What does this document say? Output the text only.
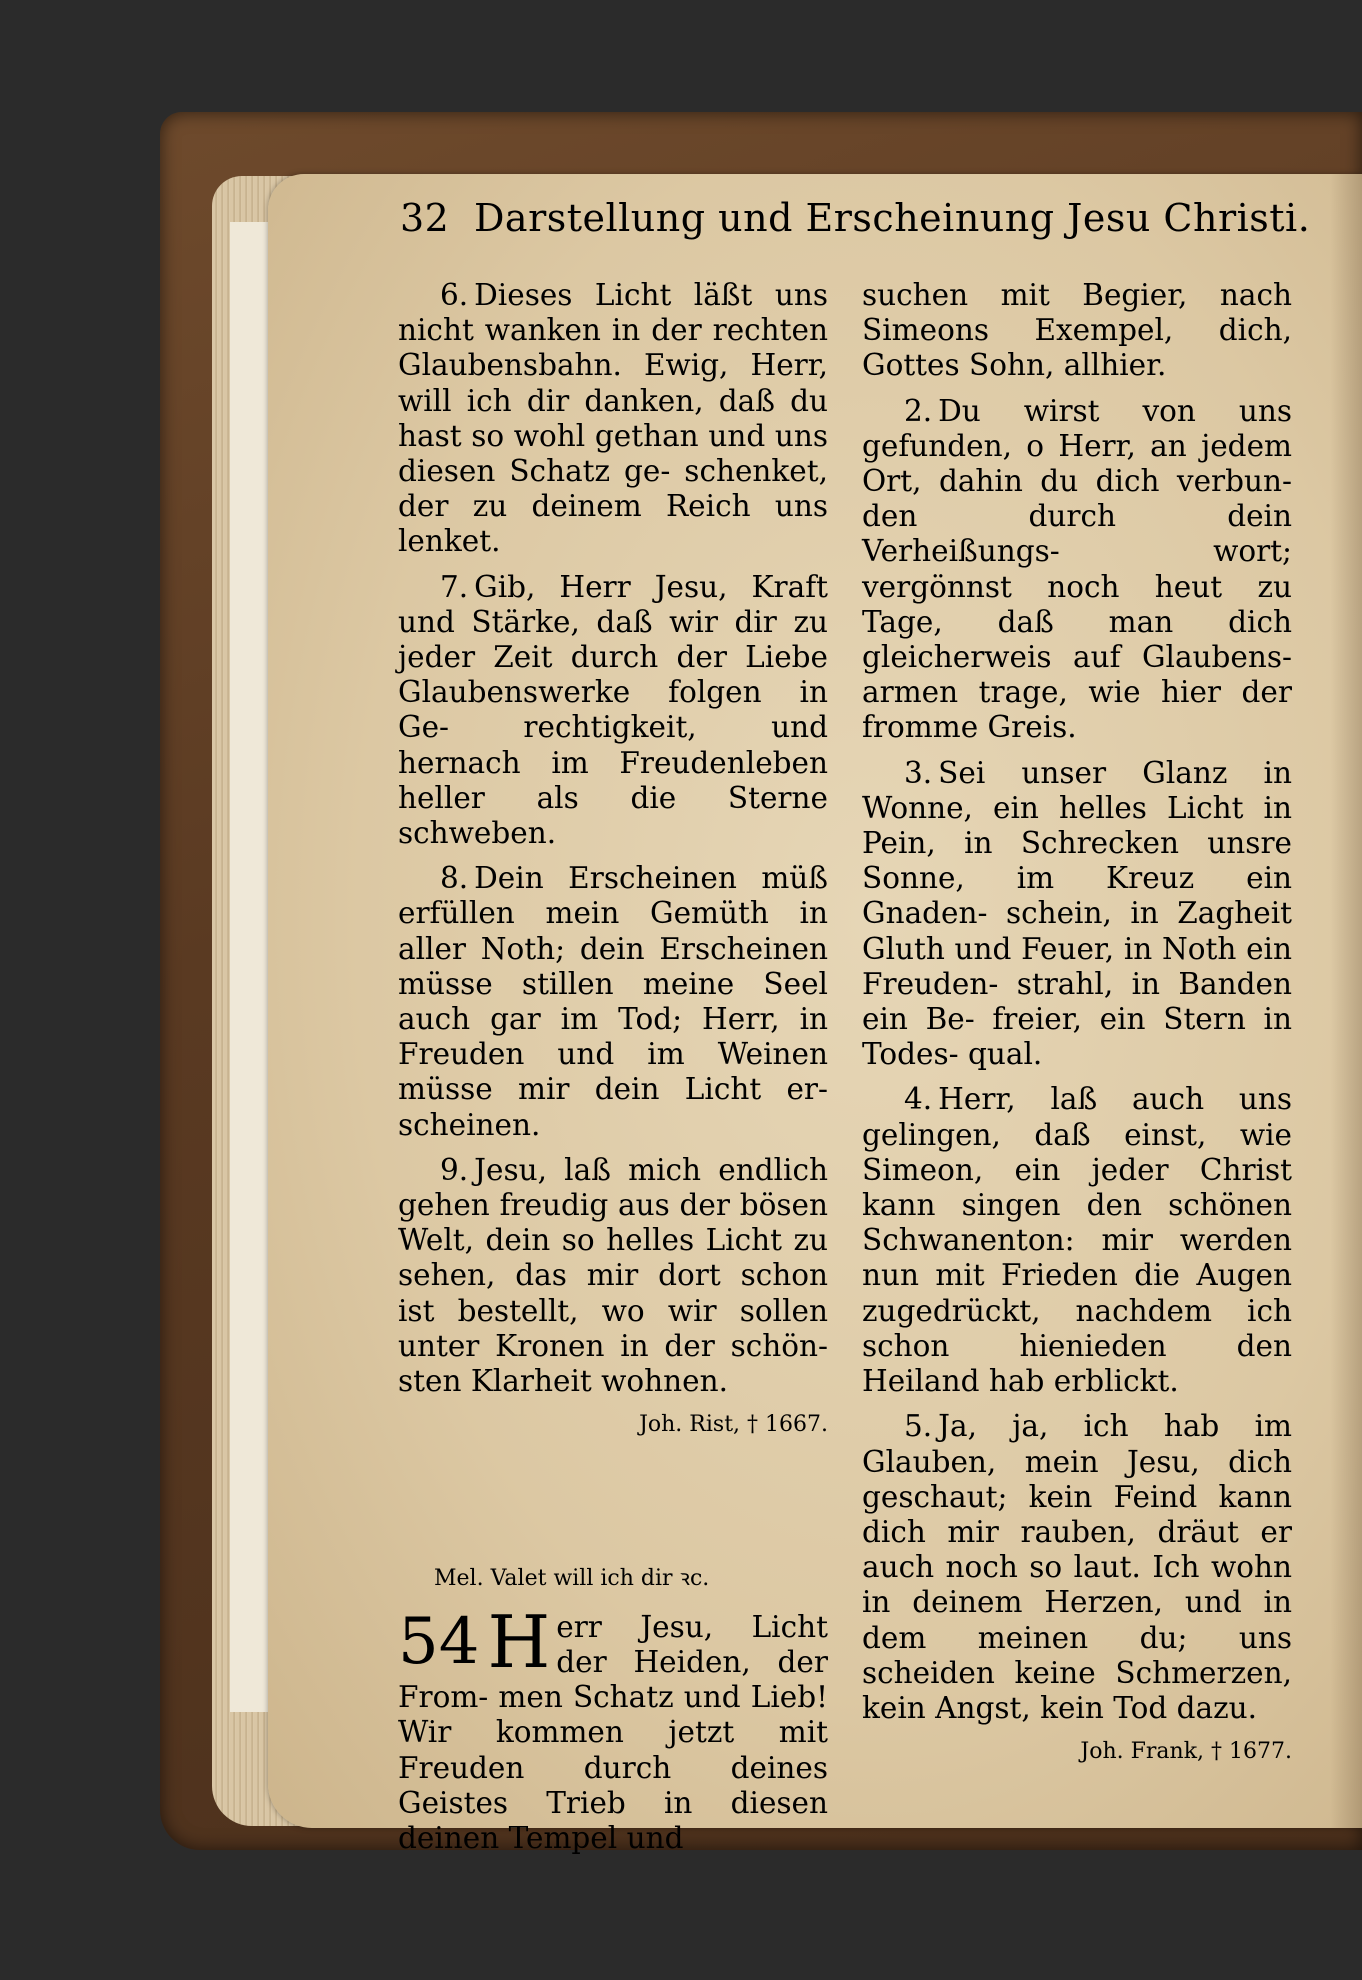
32 Darstellung und Erscheinung Jesu Christi.

6. Dieses Licht läßt uns nicht wanken in der rechten Glaubensbahn. Ewig, Herr, will ich dir danken, daß du hast so wohl gethan und uns diesen Schatz ge- schenket, der zu deinem Reich uns lenket.

7. Gib, Herr Jesu, Kraft und Stärke, daß wir dir zu jeder Zeit durch der Liebe Glaubenswerke folgen in Ge- rechtigkeit, und hernach im Freudenleben heller als die Sterne schweben.

8. Dein Erscheinen müß erfüllen mein Gemüth in aller Noth; dein Erscheinen müsse stillen meine Seel auch gar im Tod; Herr, in Freuden und im Weinen müsse mir dein Licht er- scheinen.

9. Jesu, laß mich endlich gehen freudig aus der bösen Welt, dein so helles Licht zu sehen, das mir dort schon ist bestellt, wo wir sollen unter Kronen in der schön- sten Klarheit wohnen.

Joh. Rist, † 1667.
Mel. Valet will ich dir ꝛc.

54 H err Jesu, Licht der Heiden, der From- men Schatz und Lieb! Wir kommen jetzt mit Freuden durch deines Geistes Trieb in diesen deinen Tempel und

suchen mit Begier, nach Simeons Exempel, dich, Gottes Sohn, allhier.

2. Du wirst von uns gefunden, o Herr, an jedem Ort, dahin du dich verbun- den durch dein Verheißungs- wort; vergönnst noch heut zu Tage, daß man dich gleicherweis auf Glaubens- armen trage, wie hier der fromme Greis.

3. Sei unser Glanz in Wonne, ein helles Licht in Pein, in Schrecken unsre Sonne, im Kreuz ein Gnaden- schein, in Zagheit Gluth und Feuer, in Noth ein Freuden- strahl, in Banden ein Be- freier, ein Stern in Todes- qual.

4. Herr, laß auch uns gelingen, daß einst, wie Simeon, ein jeder Christ kann singen den schönen Schwanenton: mir werden nun mit Frieden die Augen zugedrückt, nachdem ich schon hienieden den Heiland hab erblickt.

5. Ja, ja, ich hab im Glauben, mein Jesu, dich geschaut; kein Feind kann dich mir rauben, dräut er auch noch so laut. Ich wohn in deinem Herzen, und in dem meinen du; uns scheiden keine Schmerzen, kein Angst, kein Tod dazu.

Joh. Frank, † 1677.
